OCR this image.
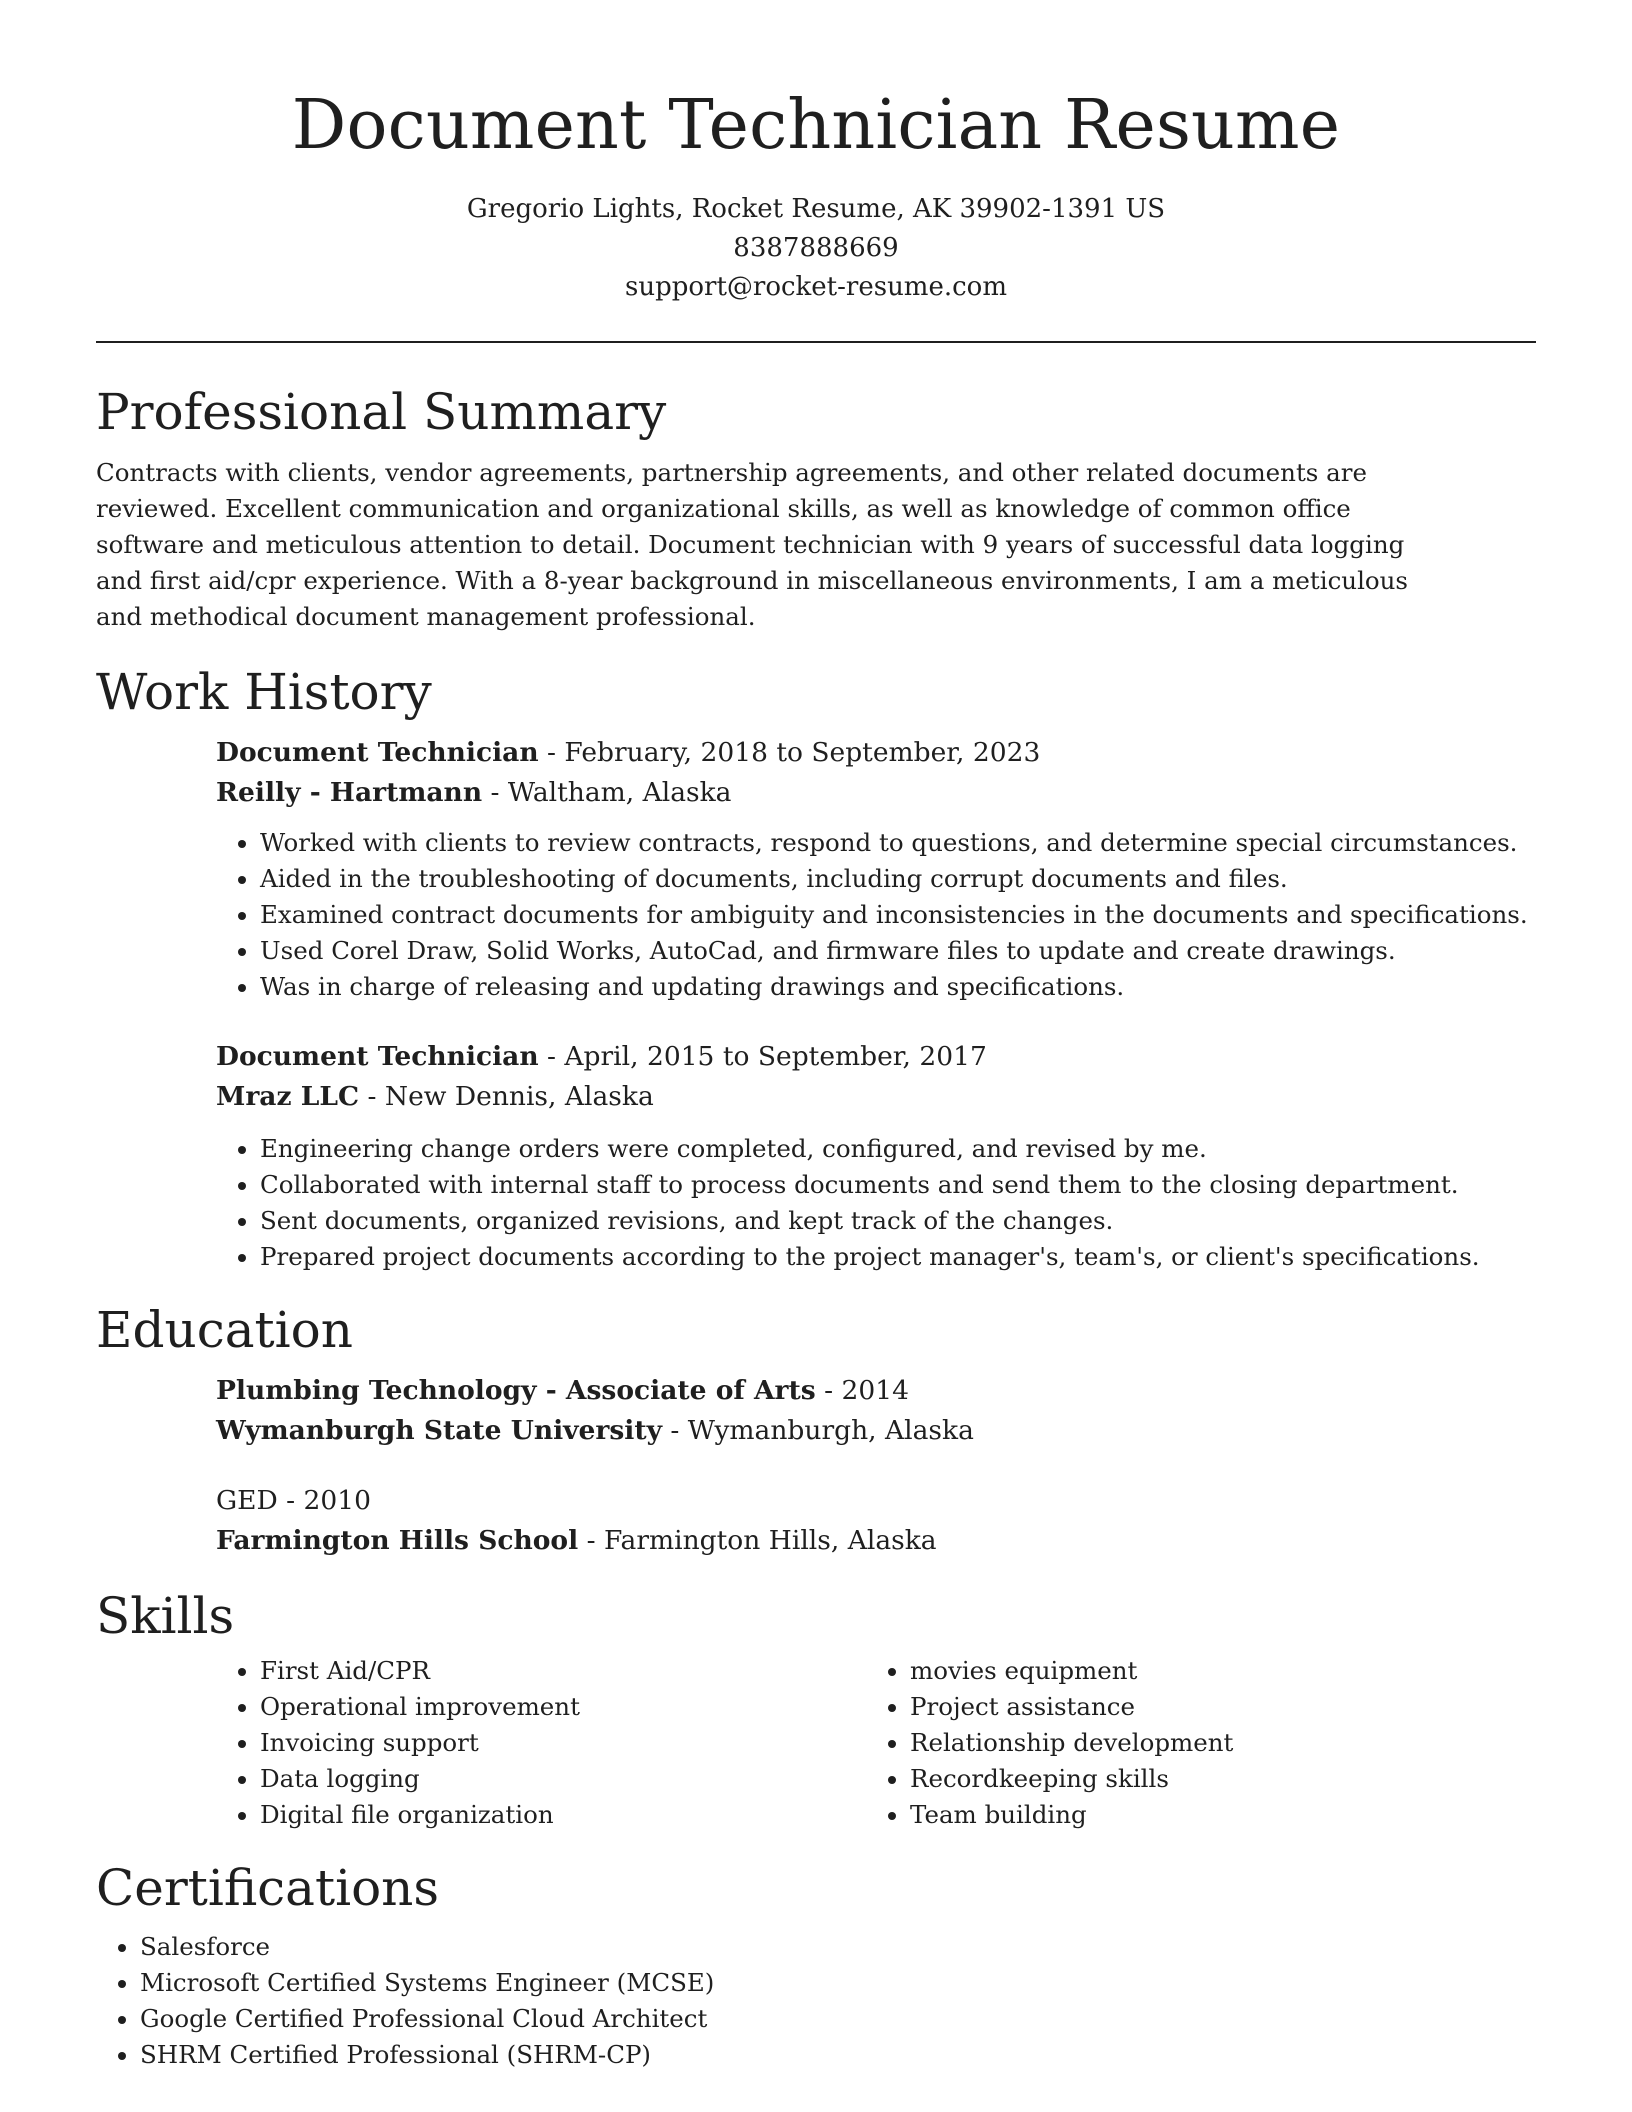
Document Technician Resume
Gregorio Lights, Rocket Resume, AK 39902-1391 US
8387888669
support@rocket-resume.com
Professional Summary

Contracts with clients, vendor agreements, partnership agreements, and other related documents are reviewed. Excellent communication and organizational skills, as well as knowledge of common office software and meticulous attention to detail. Document technician with 9 years of successful data logging and first aid/cpr experience. With a 8-year background in miscellaneous environments, I am a meticulous and methodical document management professional.

Work History
Document Technician - February, 2018 to September, 2023
Reilly - Hartmann - Waltham, Alaska
• Worked with clients to review contracts, respond to questions, and determine special circumstances.
• Aided in the troubleshooting of documents, including corrupt documents and files.
• Examined contract documents for ambiguity and inconsistencies in the documents and specifications.
• Used Corel Draw, Solid Works, AutoCad, and firmware files to update and create drawings.
• Was in charge of releasing and updating drawings and specifications.
Document Technician - April, 2015 to September, 2017
Mraz LLC - New Dennis, Alaska
• Engineering change orders were completed, configured, and revised by me.
• Collaborated with internal staff to process documents and send them to the closing department.
• Sent documents, organized revisions, and kept track of the changes.
• Prepared project documents according to the project manager's, team's, or client's specifications.
Education
Plumbing Technology - Associate of Arts - 2014
Wymanburgh State University - Wymanburgh, Alaska
GED - 2010
Farmington Hills School - Farmington Hills, Alaska
Skills
• First Aid/CPR
• Operational improvement
• Invoicing support
• Data logging
• Digital file organization
• movies equipment
• Project assistance
• Relationship development
• Recordkeeping skills
• Team building
Certifications
• Salesforce
• Microsoft Certified Systems Engineer (MCSE)
• Google Certified Professional Cloud Architect
• SHRM Certified Professional (SHRM-CP)
